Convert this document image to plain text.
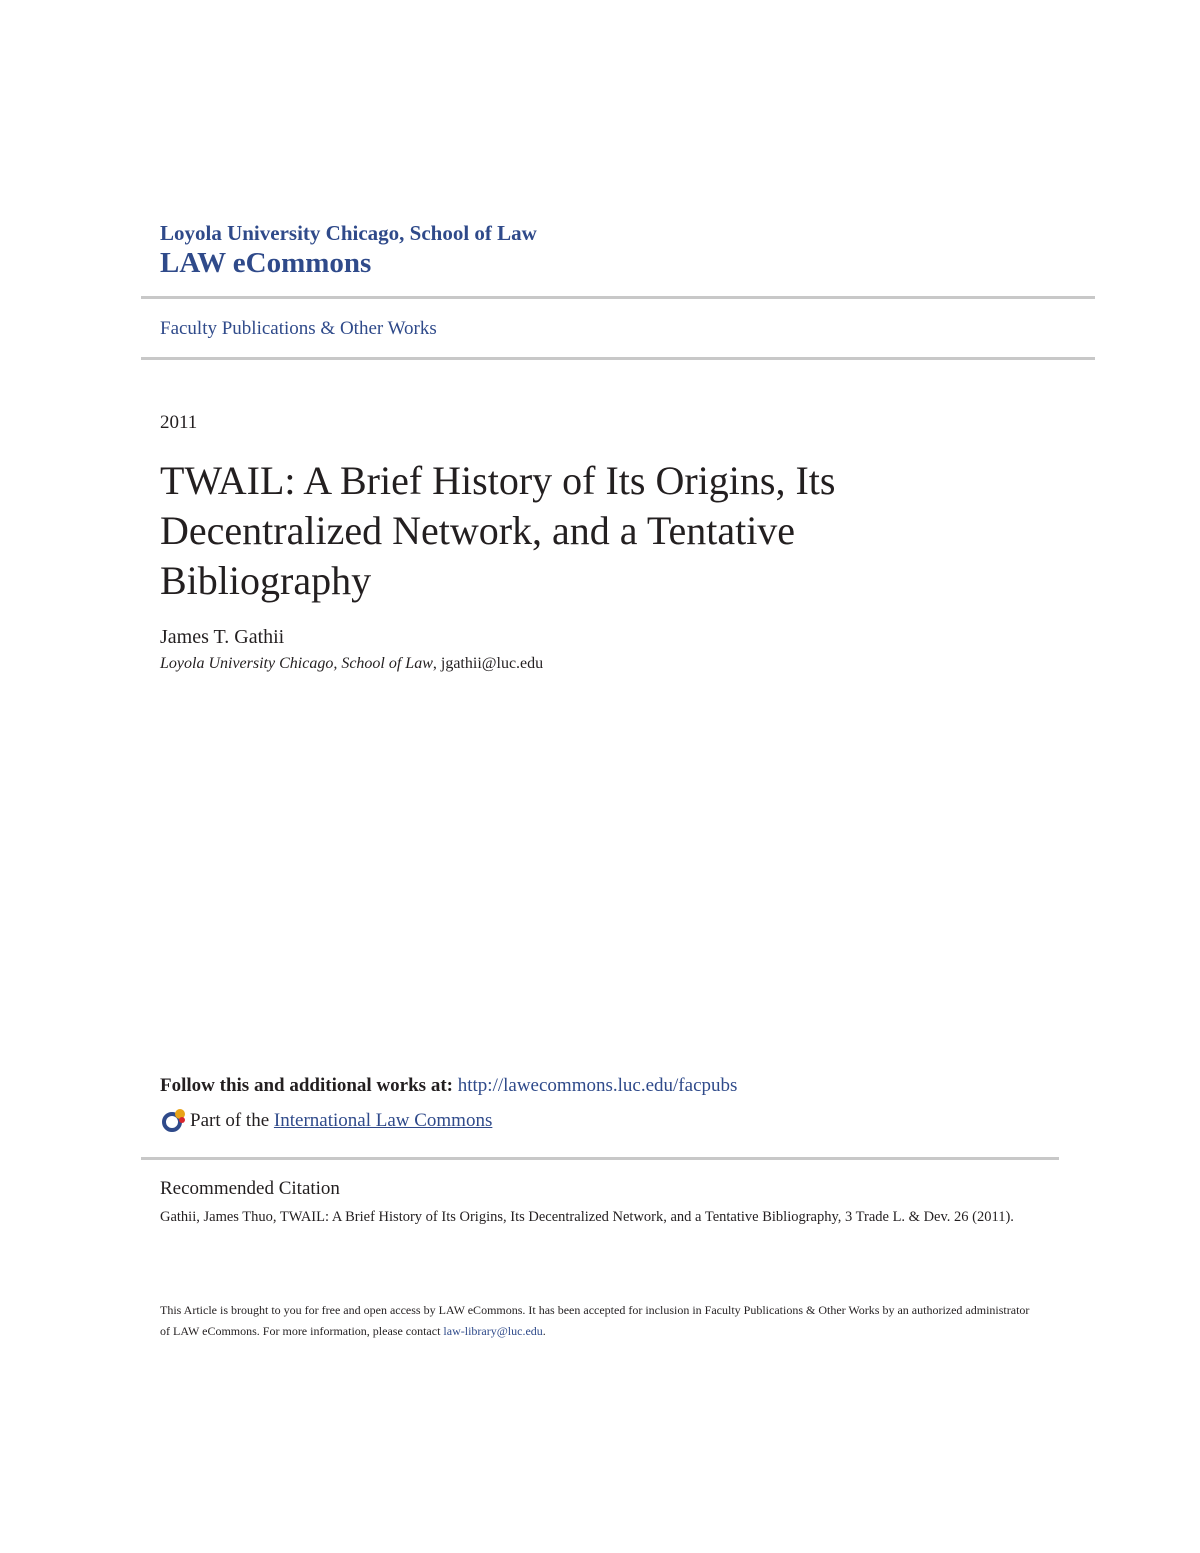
Loyola University Chicago, School of Law
LAW eCommons
Faculty Publications & Other Works
2011
TWAIL: A Brief History of Its Origins, Its Decentralized Network, and a Tentative Bibliography
James T. Gathii
Loyola University Chicago, School of Law, jgathii@luc.edu
Follow this and additional works at: http://lawecommons.luc.edu/facpubs
Part of the
International Law Commons
Recommended Citation
Gathii, James Thuo, TWAIL: A Brief History of Its Origins, Its Decentralized Network, and a Tentative Bibliography, 3 Trade L. & Dev. 26 (2011).
This Article is brought to you for free and open access by LAW eCommons. It has been accepted for inclusion in Faculty Publications & Other Works by an authorized administrator of LAW eCommons. For more information, please contact law-library@luc.edu.
